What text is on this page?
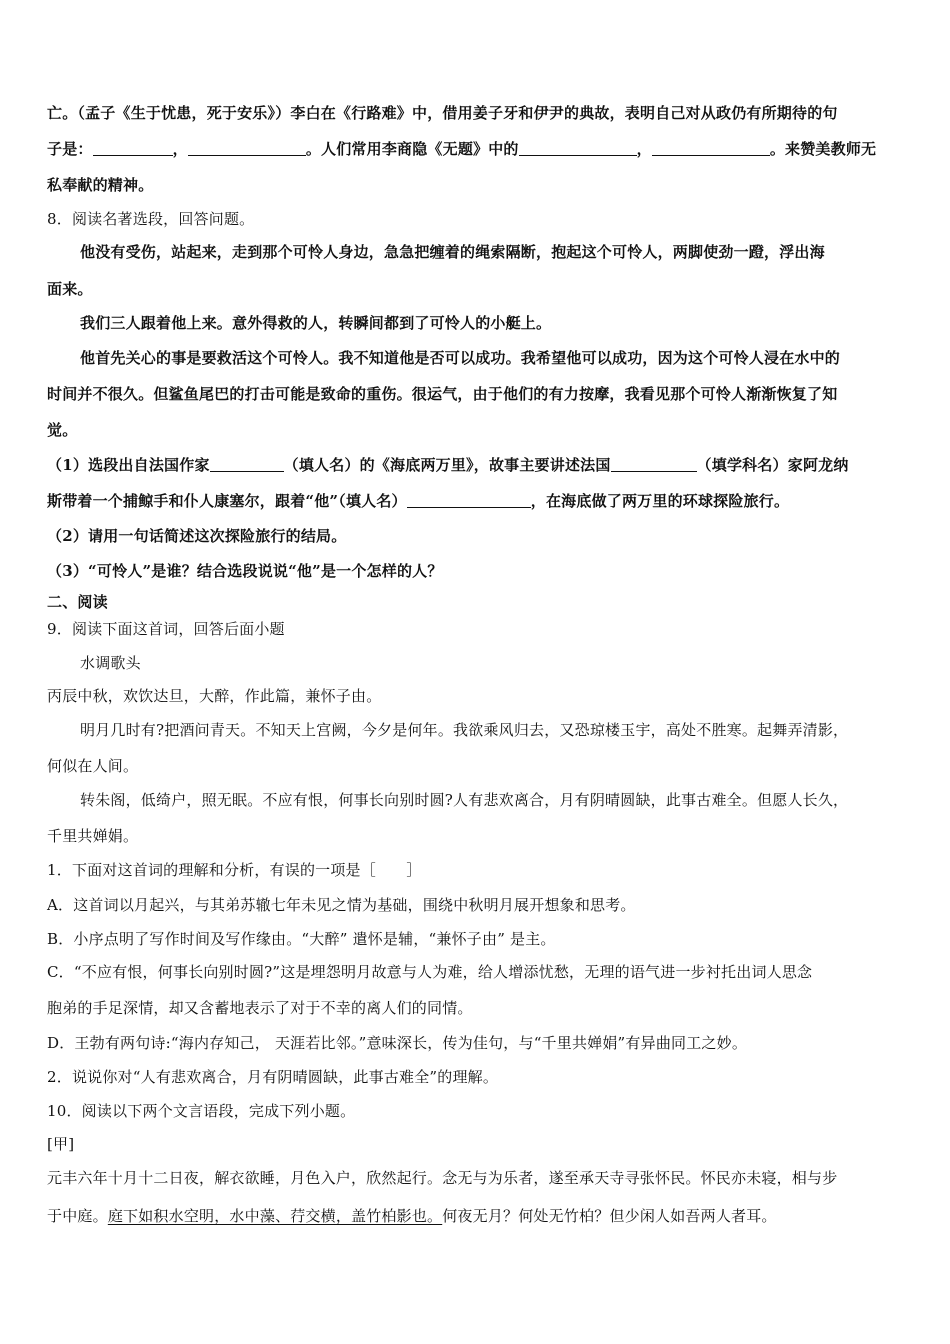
亡。（孟子《生于忧患，死于安乐》）李白在《行路难》中，借用姜子牙和伊尹的典故，表明自己对从政仍有所期待的句
子是：	，	。人们常用李商隐《无题》中的	，	。来赞美教师无
私奉献的精神。
8．阅读名著选段，回答问题。
他没有受伤，站起来，走到那个可怜人身边，急急把缠着的绳索隔断，抱起这个可怜人，两脚使劲一蹬，浮出海
面来。
我们三人跟着他上来。意外得救的人，转瞬间都到了可怜人的小艇上。
他首先关心的事是要救活这个可怜人。我不知道他是否可以成功。我希望他可以成功，因为这个可怜人浸在水中的
时间并不很久。但鲨鱼尾巴的打击可能是致命的重伤。很运气，由于他们的有力按摩，我看见那个可怜人渐渐恢复了知
觉。
（1）选段出自法国作家	（填人名）的《海底两万里》，故事主要讲述法国	（填学科名）家阿龙纳
斯带着一个捕鲸手和仆人康塞尔，跟着“他”（填人名）	，在海底做了两万里的环球探险旅行。
（2）请用一句话简述这次探险旅行的结局。
（3）“可怜人”是谁？结合选段说说“他”是一个怎样的人？
二、阅读
9．阅读下面这首词，回答后面小题
水调歌头
丙辰中秋，欢饮达旦，大醉，作此篇，兼怀子由。
明月几时有?把酒问青天。不知天上宫阙，今夕是何年。我欲乘风归去，又恐琼楼玉宇，高处不胜寒。起舞弄清影，
何似在人间。
转朱阁，低绮户，照无眠。不应有恨，何事长向别时圆?人有悲欢离合，月有阴晴圆缺，此事古难全。但愿人长久，
千里共婵娟。
1．下面对这首词的理解和分析，有误的一项是［　　］
A．这首词以月起兴，与其弟苏辙七年未见之情为基础，围绕中秋明月展开想象和思考。
B．小序点明了写作时间及写作缘由。“大醉” 遣怀是辅，“兼怀子由” 是主。
C．“不应有恨，何事长向别时圆?”这是埋怨明月故意与人为难，给人增添忧愁，无理的语气进一步衬托出词人思念
胞弟的手足深情，却又含蓄地表示了对于不幸的离人们的同情。
D．王勃有两句诗:“海内存知己， 天涯若比邻。”意味深长，传为佳句，与“千里共婵娟”有异曲同工之妙。
2．说说你对“人有悲欢离合，月有阴晴圆缺，此事古难全”的理解。
10．阅读以下两个文言语段，完成下列小题。
[甲]
元丰六年十月十二日夜，解衣欲睡，月色入户，欣然起行。念无与为乐者，遂至承天寺寻张怀民。怀民亦未寝，相与步
于中庭。庭下如积水空明，水中藻、荇交横，盖竹柏影也。何夜无月？何处无竹柏？但少闲人如吾两人者耳。
